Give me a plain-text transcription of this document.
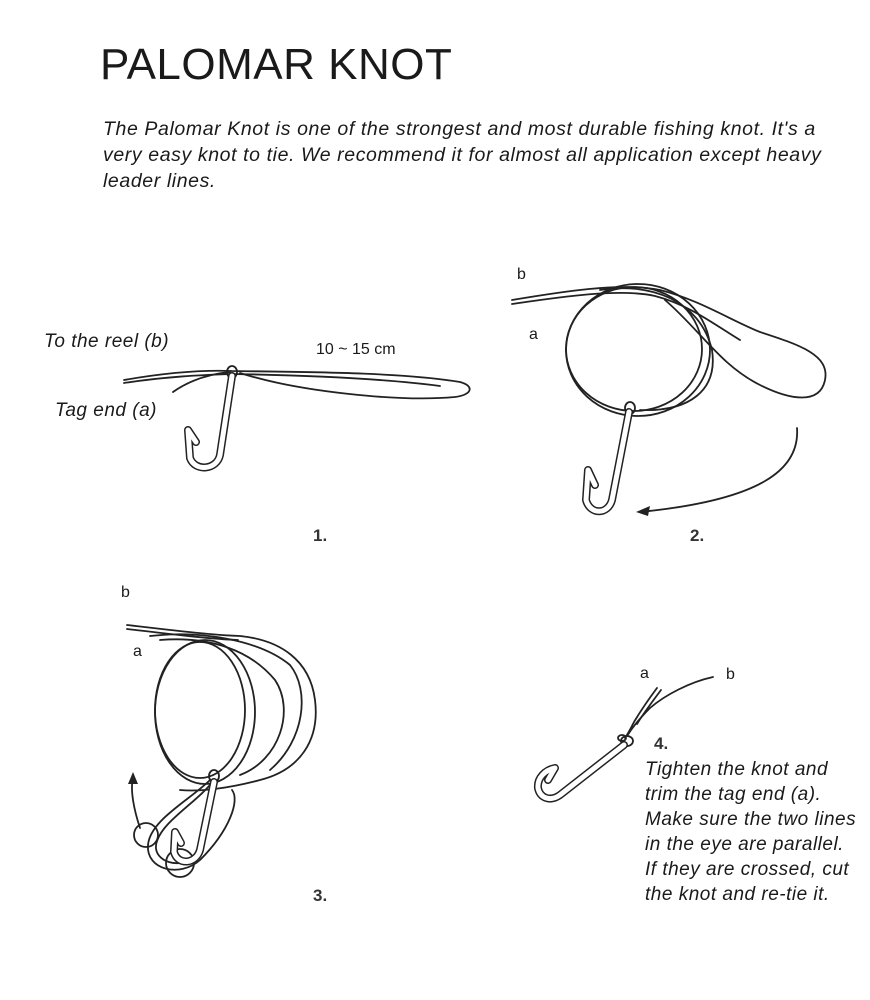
PALOMAR KNOT

The Palomar Knot is one of the strongest and most durable fishing knot. It's a very easy knot to tie. We recommend it for almost all application except heavy leader lines.

To the reel (b)
Tag end (a)
10 ~ 15 cm
1.
b
a
2.
b
a
3.
a	b
4.

Tighten the knot and trim the tag end (a). Make sure the two lines in the eye are parallel. If they are crossed, cut the knot and re-tie it.
